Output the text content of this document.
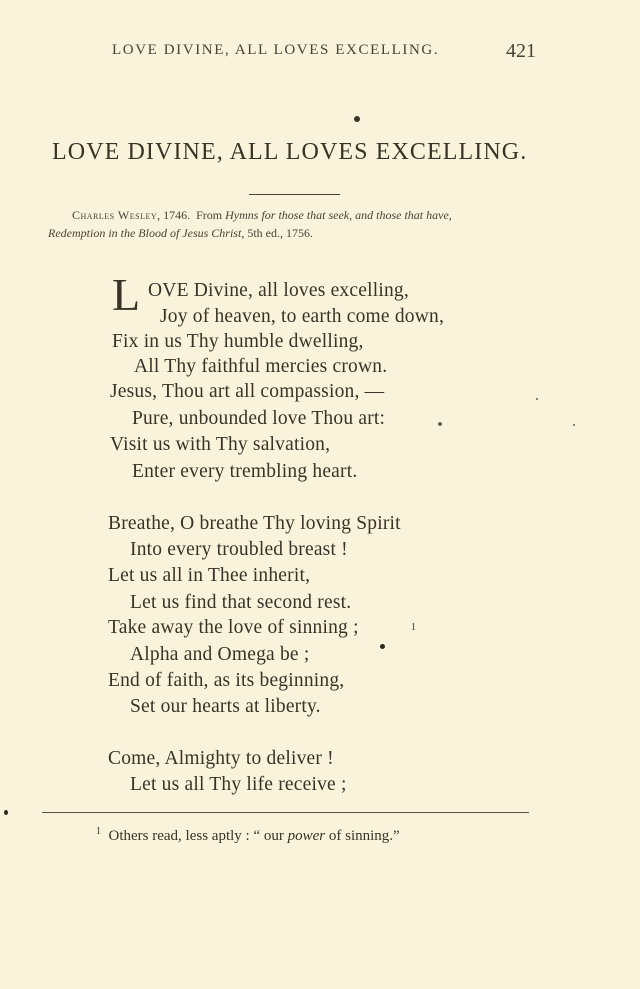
LOVE DIVINE, ALL LOVES EXCELLING.	421
LOVE DIVINE, ALL LOVES EXCELLING.
Charles Wesley, 1746. From Hymns for those that seek, and those that have,
Redemption in the Blood of Jesus Christ, 5th ed., 1756.
L OVE Divine, all loves excelling,
Joy of heaven, to earth come down,
Fix in us Thy humble dwelling,
All Thy faithful mercies crown.
Jesus, Thou art all compassion, —
Pure, unbounded love Thou art:
Visit us with Thy salvation,
Enter every trembling heart.
Breathe, O breathe Thy loving Spirit
Into every troubled breast !
Let us all in Thee inherit,
Let us find that second rest.
Take away the love of sinning ;	1
Alpha and Omega be ;
End of faith, as its beginning,
Set our hearts at liberty.
Come, Almighty to deliver !
Let us all Thy life receive ;
$^1$ Others read, less aptly : “ our power of sinning.”
